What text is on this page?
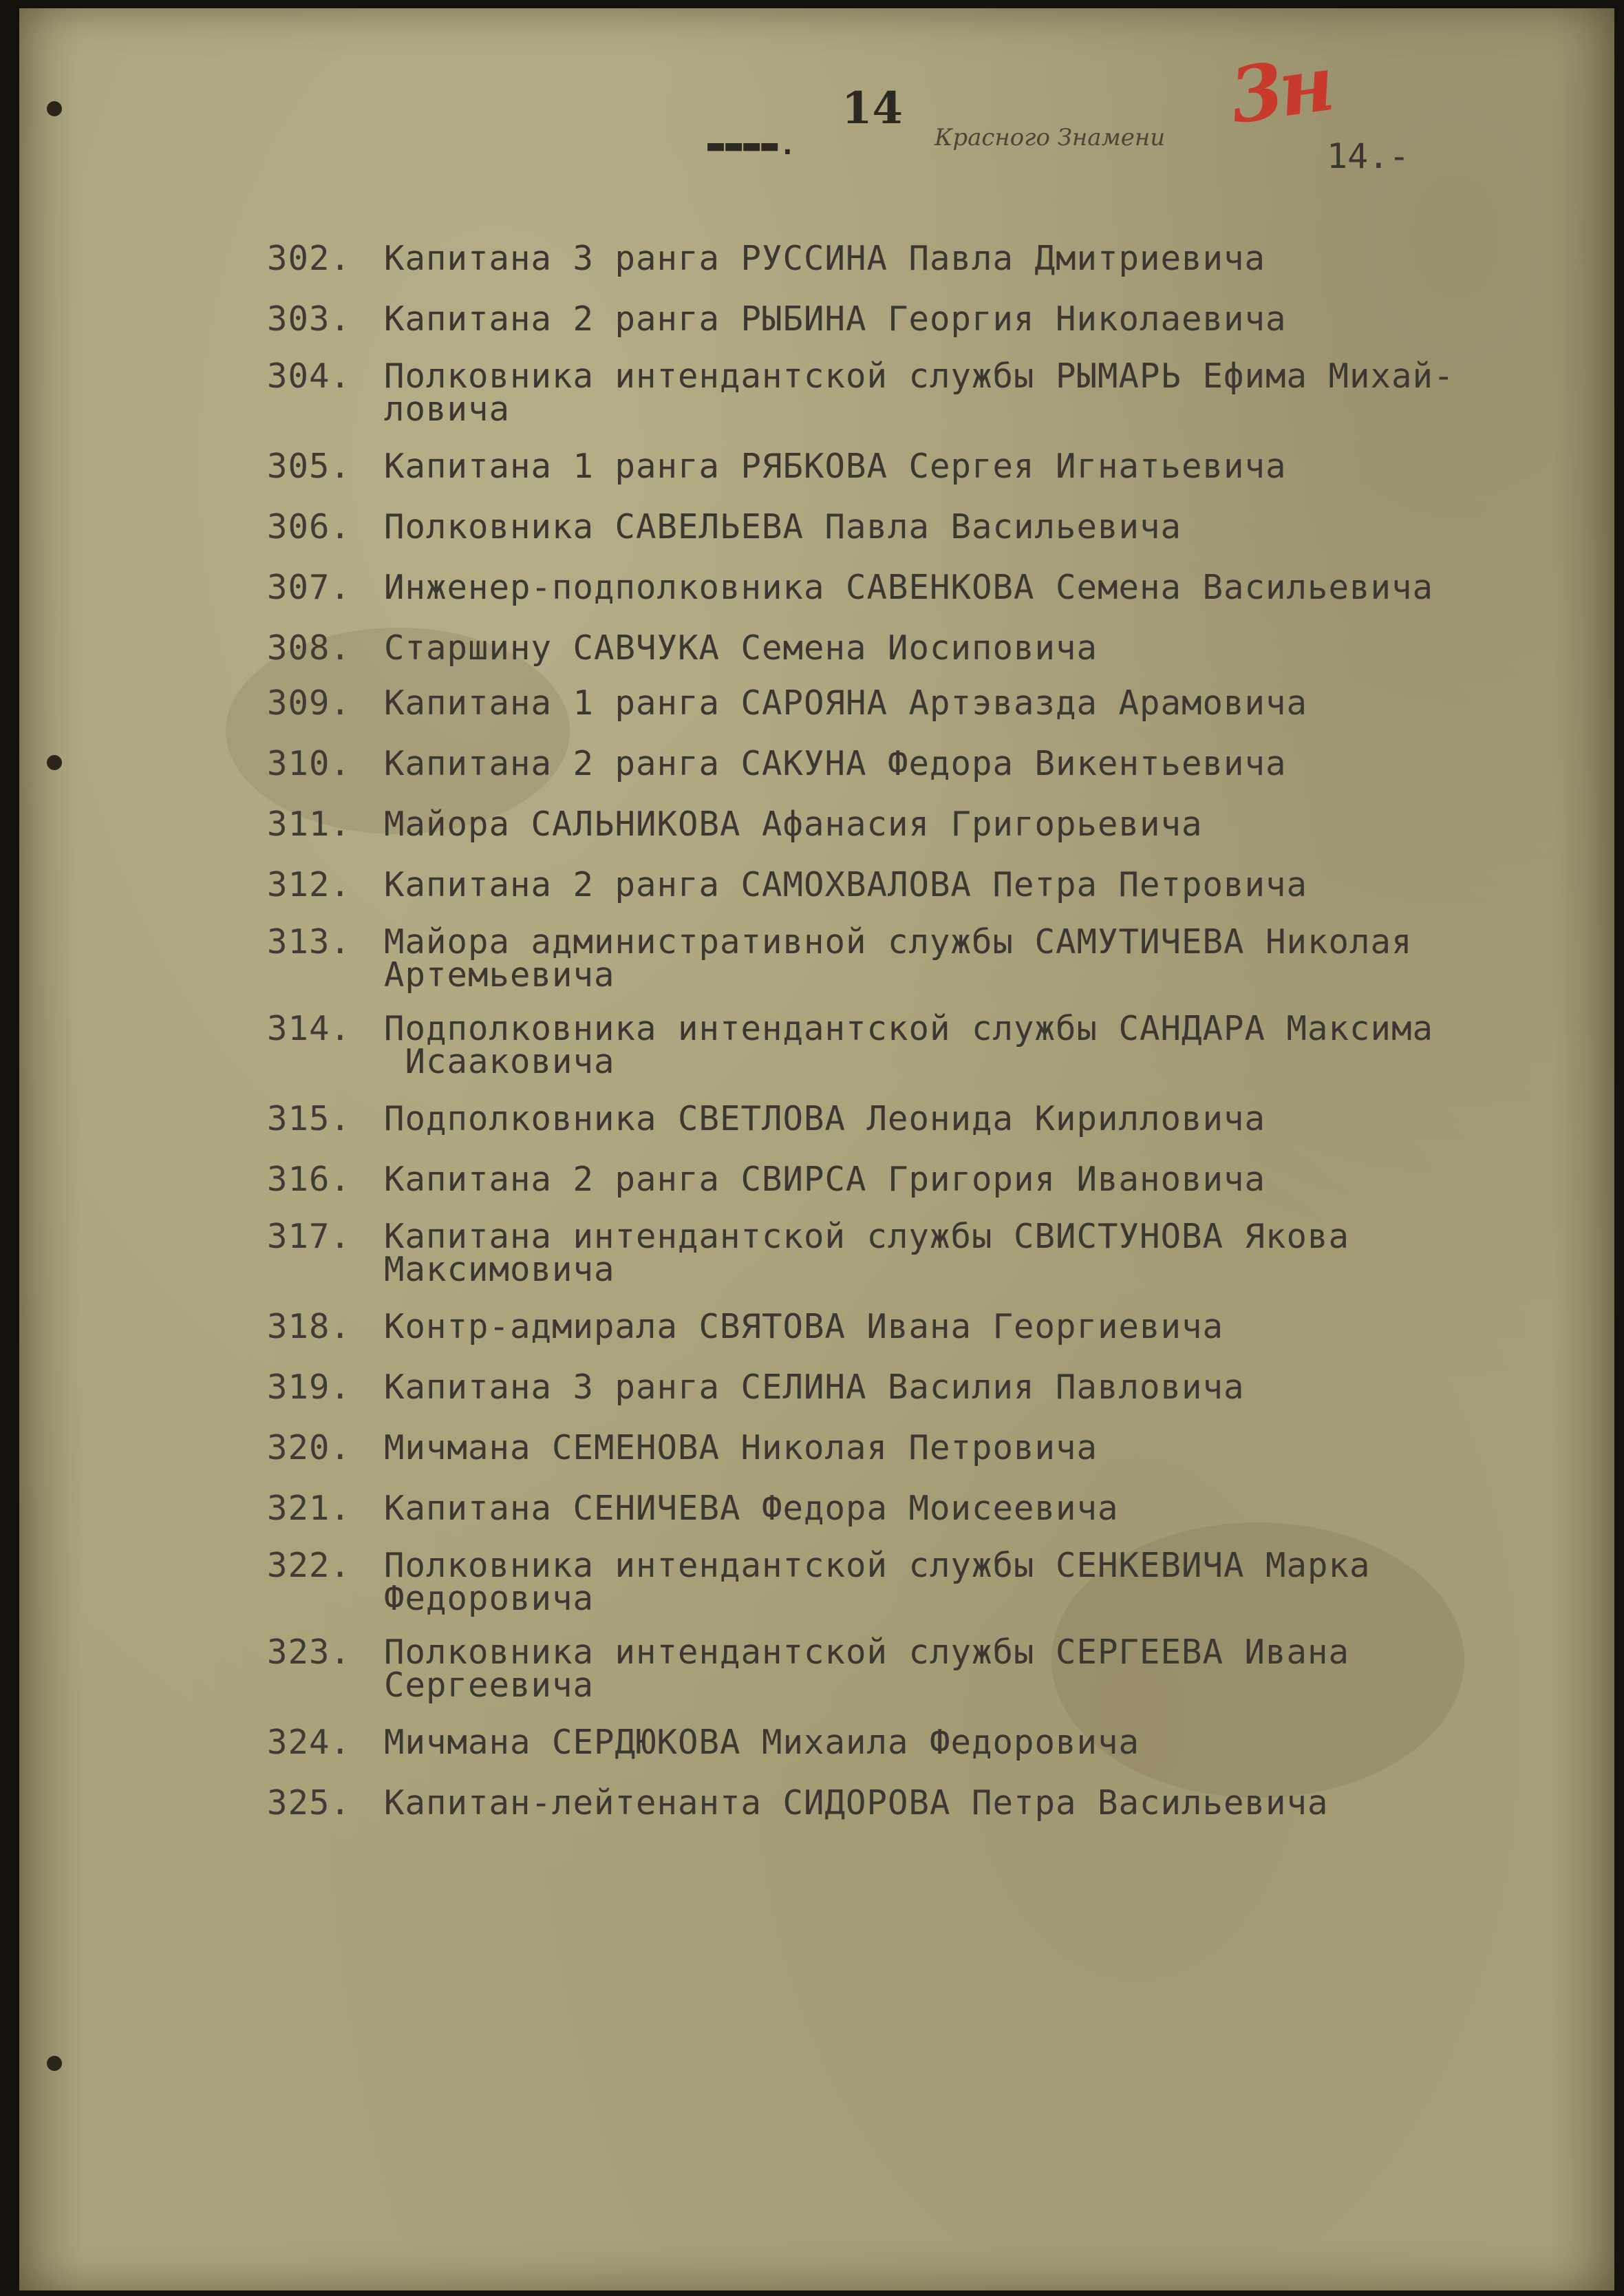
▬▬▬▬.
14
Красного Знамени 3н
14.-
302. Капитана 3 ранга РУССИНА Павла Дмитриевича
303. Капитана 2 ранга РЫБИНА Георгия Николаевича
304. Полковника интендантской службы РЫМАРЬ Ефима Михай-
ловича
305. Капитана 1 ранга РЯБКОВА Сергея Игнатьевича
306. Полковника САВЕЛЬЕВА Павла Васильевича
307. Инженер-подполковника САВЕНКОВА Семена Васильевича
308. Старшину САВЧУКА Семена Иосиповича
309. Капитана 1 ранга САРОЯНА Артэвазда Арамовича
310. Капитана 2 ранга САКУНА Федора Викентьевича
311. Майора САЛЬНИКОВА Афанасия Григорьевича
312. Капитана 2 ранга САМОХВАЛОВА Петра Петровича
313. Майора административной службы САМУТИЧЕВА Николая
Артемьевича
314. Подполковника интендантской службы САНДАРА Максима
Исааковича
315. Подполковника СВЕТЛОВА Леонида Кирилловича
316. Капитана 2 ранга СВИРСА Григория Ивановича
317. Капитана интендантской службы СВИСТУНОВА Якова
Максимовича
318. Контр-адмирала СВЯТОВА Ивана Георгиевича
319. Капитана 3 ранга СЕЛИНА Василия Павловича
320. Мичмана СЕМЕНОВА Николая Петровича
321. Капитана СЕНИЧЕВА Федора Моисеевича
322. Полковника интендантской службы СЕНКЕВИЧА Марка
Федоровича
323. Полковника интендантской службы СЕРГЕЕВА Ивана
Сергеевича
324. Мичмана СЕРДЮКОВА Михаила Федоровича
325. Капитан-лейтенанта СИДОРОВА Петра Васильевича
